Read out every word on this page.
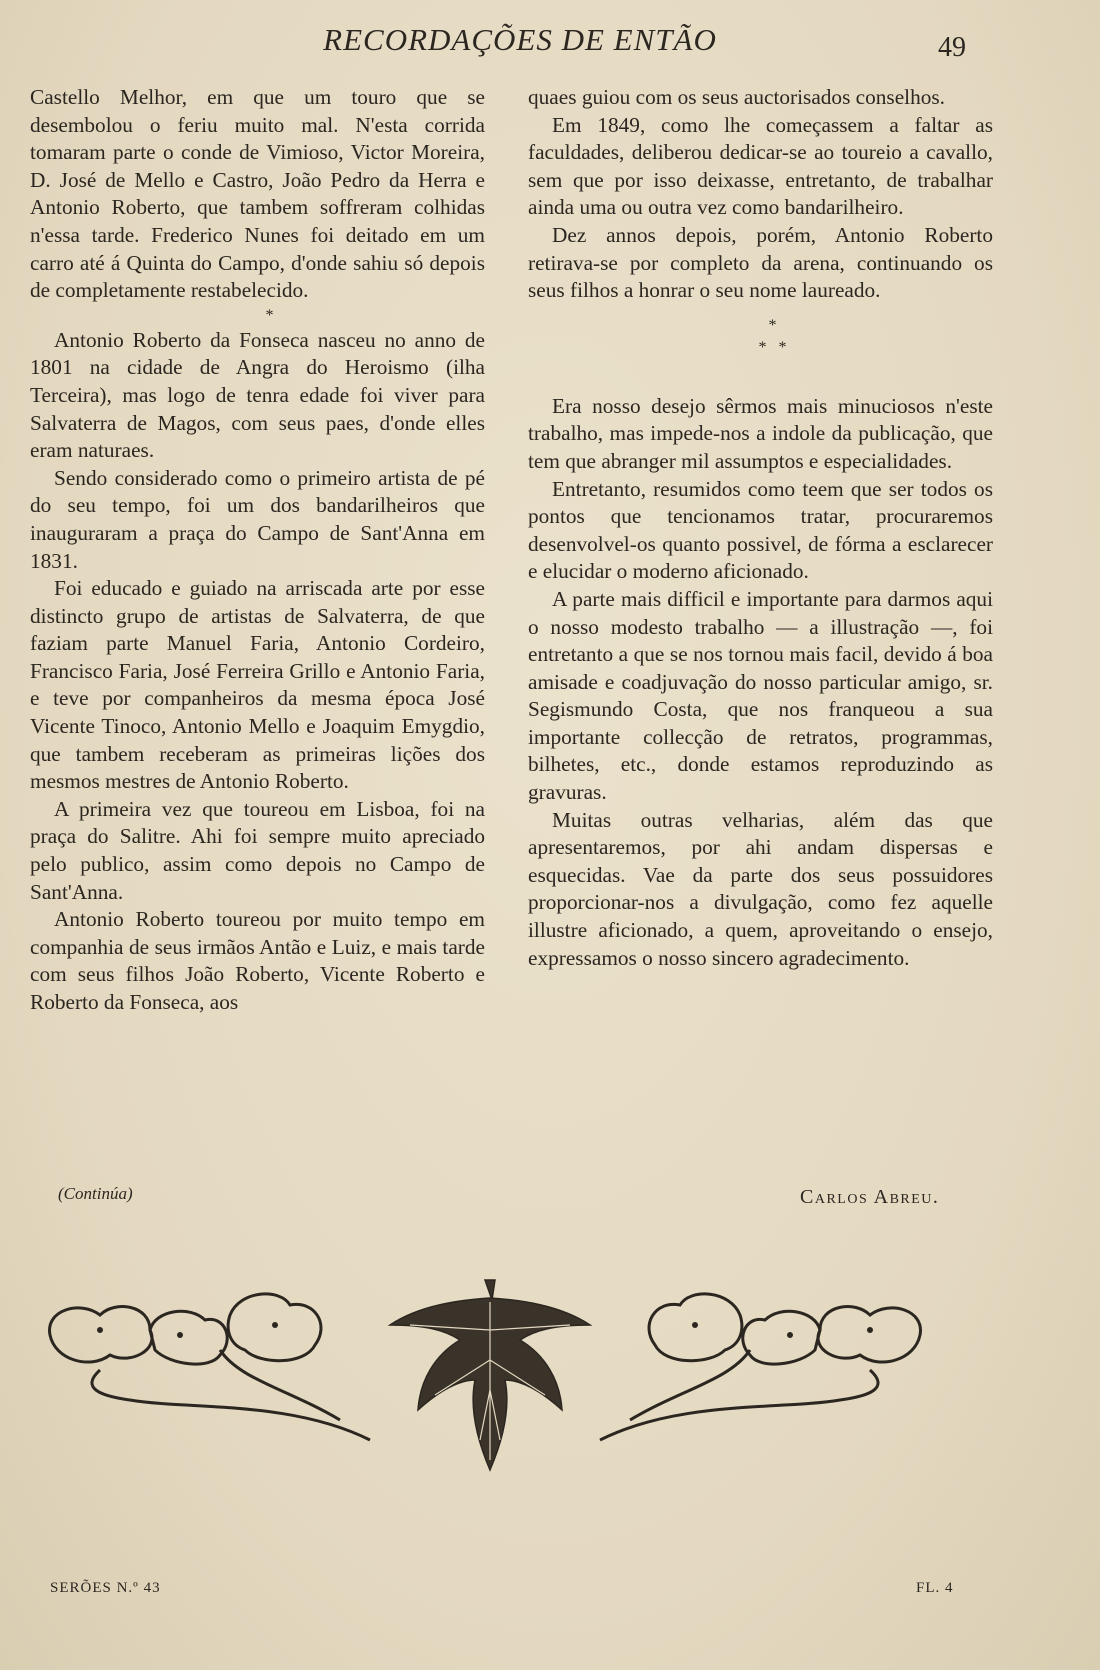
RECORDAÇÕES DE ENTÃO	49

Castello Melhor, em que um touro que se desembolou o feriu muito mal. N'esta corrida tomaram parte o conde de Vimioso, Victor Moreira, D. José de Mello e Castro, João Pedro da Herra e Antonio Roberto, que tambem soffreram colhidas n'essa tarde. Frederico Nunes foi deitado em um carro até á Quinta do Campo, d'onde sahiu só depois de completamente restabelecido.

*

Antonio Roberto da Fonseca nasceu no anno de 1801 na cidade de Angra do Heroismo (ilha Terceira), mas logo de tenra edade foi viver para Salvaterra de Magos, com seus paes, d'onde elles eram naturaes.

Sendo considerado como o primeiro artista de pé do seu tempo, foi um dos bandarilheiros que inauguraram a praça do Campo de Sant'Anna em 1831.

Foi educado e guiado na arriscada arte por esse distincto grupo de artistas de Salvaterra, de que faziam parte Manuel Faria, Antonio Cordeiro, Francisco Faria, José Ferreira Grillo e Antonio Faria, e teve por companheiros da mesma época José Vicente Tinoco, Antonio Mello e Joaquim Emygdio, que tambem receberam as primeiras lições dos mesmos mestres de Antonio Roberto.

A primeira vez que toureou em Lisboa, foi na praça do Salitre. Ahi foi sempre muito apreciado pelo publico, assim como depois no Campo de Sant'Anna.

Antonio Roberto toureou por muito tempo em companhia de seus irmãos Antão e Luiz, e mais tarde com seus filhos João Roberto, Vicente Roberto e Roberto da Fonseca, aos

quaes guiou com os seus auctorisados conselhos.

Em 1849, como lhe começassem a faltar as faculdades, deliberou dedicar-se ao toureio a cavallo, sem que por isso deixasse, entretanto, de trabalhar ainda uma ou outra vez como bandarilheiro.

Dez annos depois, porém, Antonio Roberto retirava-se por completo da arena, continuando os seus filhos a honrar o seu nome laureado.

*

*   *

Era nosso desejo sêrmos mais minuciosos n'este trabalho, mas impede-nos a indole da publicação, que tem que abranger mil assumptos e especialidades.

Entretanto, resumidos como teem que ser todos os pontos que tencionamos tratar, procuraremos desenvolvel-os quanto possivel, de fórma a esclarecer e elucidar o moderno aficionado.

A parte mais difficil e importante para darmos aqui o nosso modesto trabalho — a illustração —, foi entretanto a que se nos tornou mais facil, devido á boa amisade e coadjuvação do nosso particular amigo, sr. Segismundo Costa, que nos franqueou a sua importante collecção de retratos, programmas, bilhetes, etc., donde estamos reproduzindo as gravuras.

Muitas outras velharias, além das que apresentaremos, por ahi andam dispersas e esquecidas. Vae da parte dos seus possuidores proporcionar-nos a divulgação, como fez aquelle illustre aficionado, a quem, aproveitando o ensejo, expressamos o nosso sincero agradecimento.

(Continúa)	Carlos Abreu.
SERÕES N.º 43	FL. 4
